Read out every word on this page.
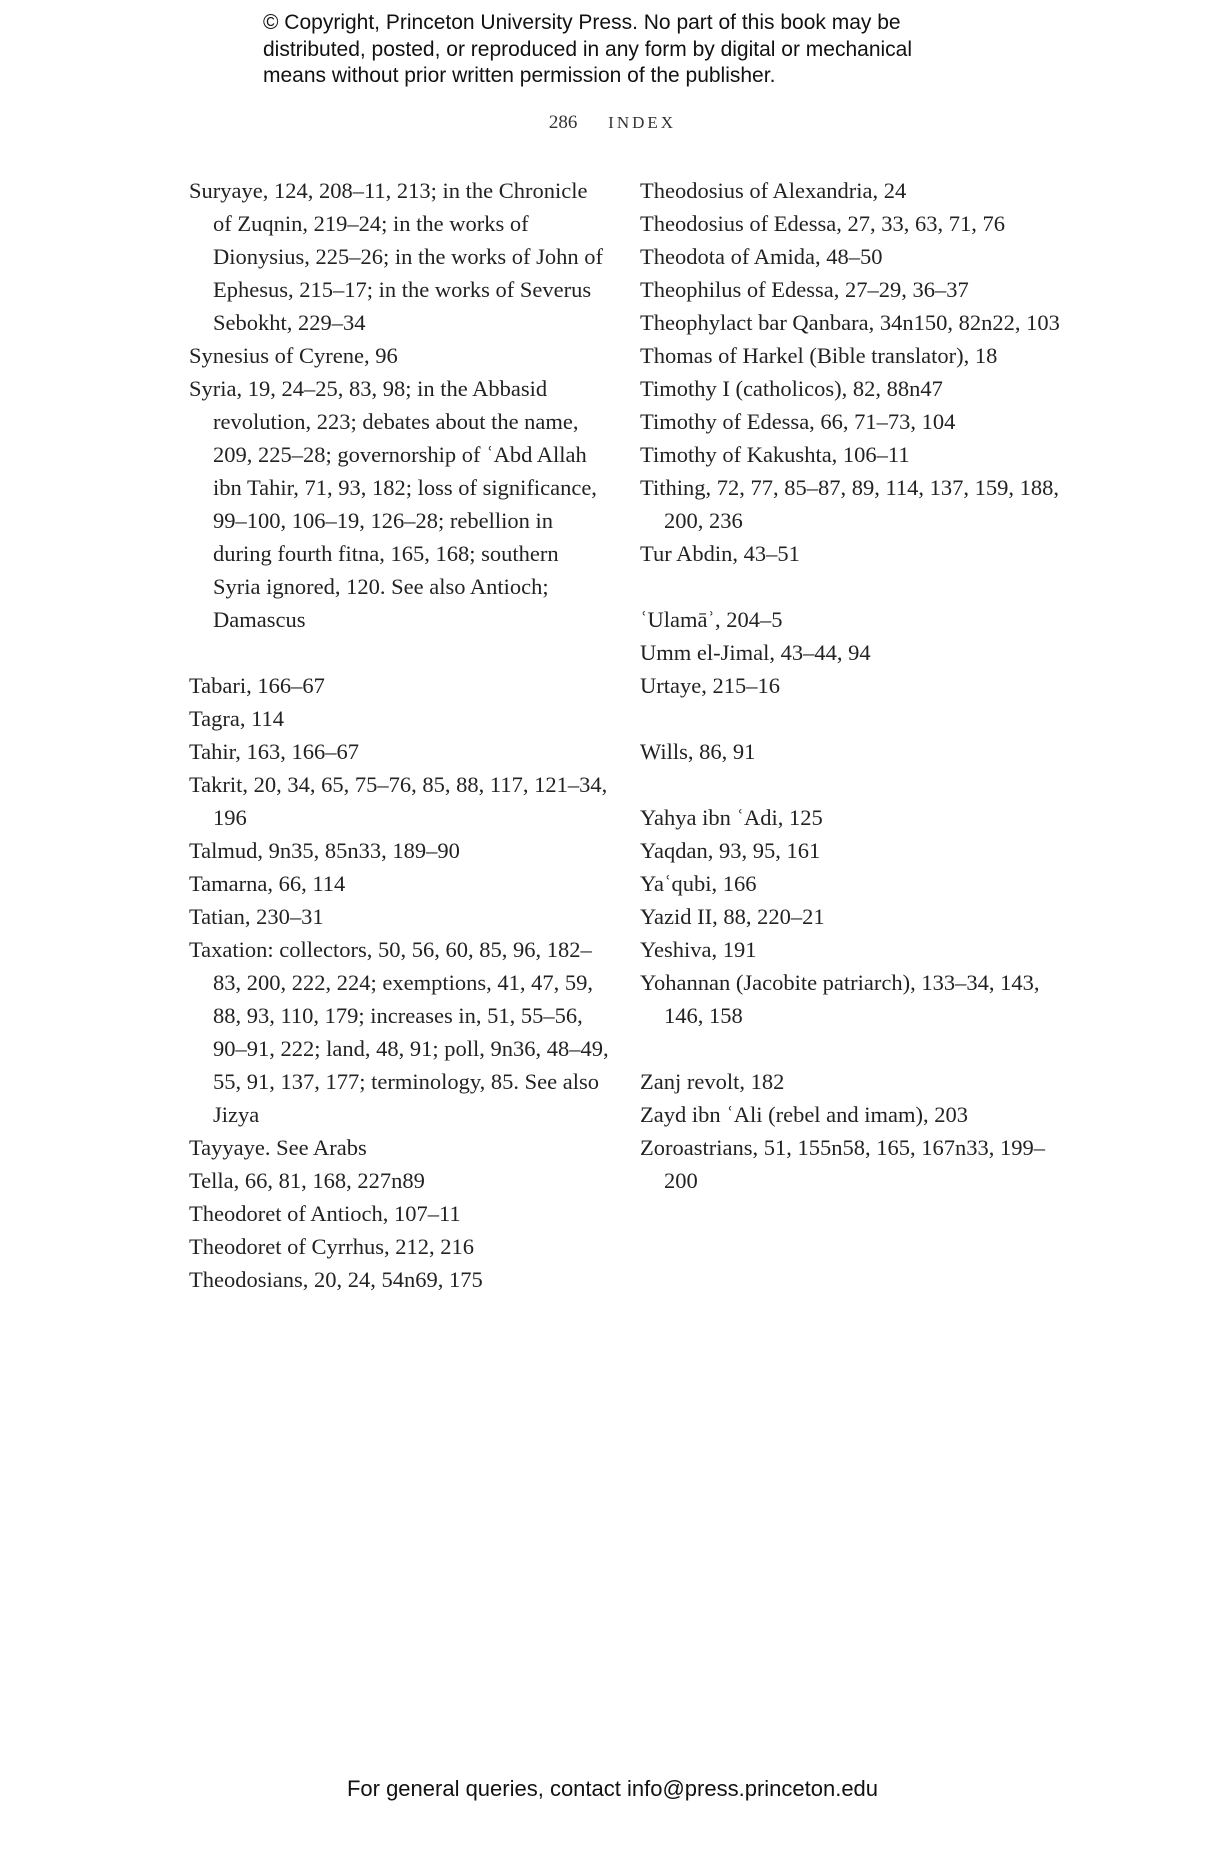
© Copyright, Princeton University Press. No part of this book may be
distributed, posted, or reproduced in any form by digital or mechanical
means without prior written permission of the publisher.
286 INDEX
Suryaye, 124, 208–11, 213; in the Chronicle of Zuqnin, 219–24; in the works of Dionysius, 225–26; in the works of John of Ephesus, 215–17; in the works of Severus Sebokht, 229–34
Synesius of Cyrene, 96
Syria, 19, 24–25, 83, 98; in the Abbasid revolution, 223; debates about the name, 209, 225–28; governorship of ʿAbd Allah ibn Tahir, 71, 93, 182; loss of significance, 99–100, 106–19, 126–28; rebellion in during fourth fitna, 165, 168; southern Syria ignored, 120. See also Antioch; Damascus
Tabari, 166–67
Tagra, 114
Tahir, 163, 166–67
Takrit, 20, 34, 65, 75–76, 85, 88, 117, 121–34, 196
Talmud, 9n35, 85n33, 189–90
Tamarna, 66, 114
Tatian, 230–31
Taxation: collectors, 50, 56, 60, 85, 96, 182–83, 200, 222, 224; exemptions, 41, 47, 59, 88, 93, 110, 179; increases in, 51, 55–56, 90–91, 222; land, 48, 91; poll, 9n36, 48–49, 55, 91, 137, 177; terminology, 85. See also Jizya
Tayyaye. See Arabs
Tella, 66, 81, 168, 227n89
Theodoret of Antioch, 107–11
Theodoret of Cyrrhus, 212, 216
Theodosians, 20, 24, 54n69, 175
Theodosius of Alexandria, 24
Theodosius of Edessa, 27, 33, 63, 71, 76
Theodota of Amida, 48–50
Theophilus of Edessa, 27–29, 36–37
Theophylact bar Qanbara, 34n150, 82n22, 103
Thomas of Harkel (Bible translator), 18
Timothy I (catholicos), 82, 88n47
Timothy of Edessa, 66, 71–73, 104
Timothy of Kakushta, 106–11
Tithing, 72, 77, 85–87, 89, 114, 137, 159, 188, 200, 236
Tur Abdin, 43–51
ʿUlamāʾ, 204–5
Umm el-Jimal, 43–44, 94
Urtaye, 215–16
Wills, 86, 91
Yahya ibn ʿAdi, 125
Yaqdan, 93, 95, 161
Yaʿqubi, 166
Yazid II, 88, 220–21
Yeshiva, 191
Yohannan (Jacobite patriarch), 133–34, 143, 146, 158
Zanj revolt, 182
Zayd ibn ʿAli (rebel and imam), 203
Zoroastrians, 51, 155n58, 165, 167n33, 199–200
For general queries, contact info@press.princeton.edu
